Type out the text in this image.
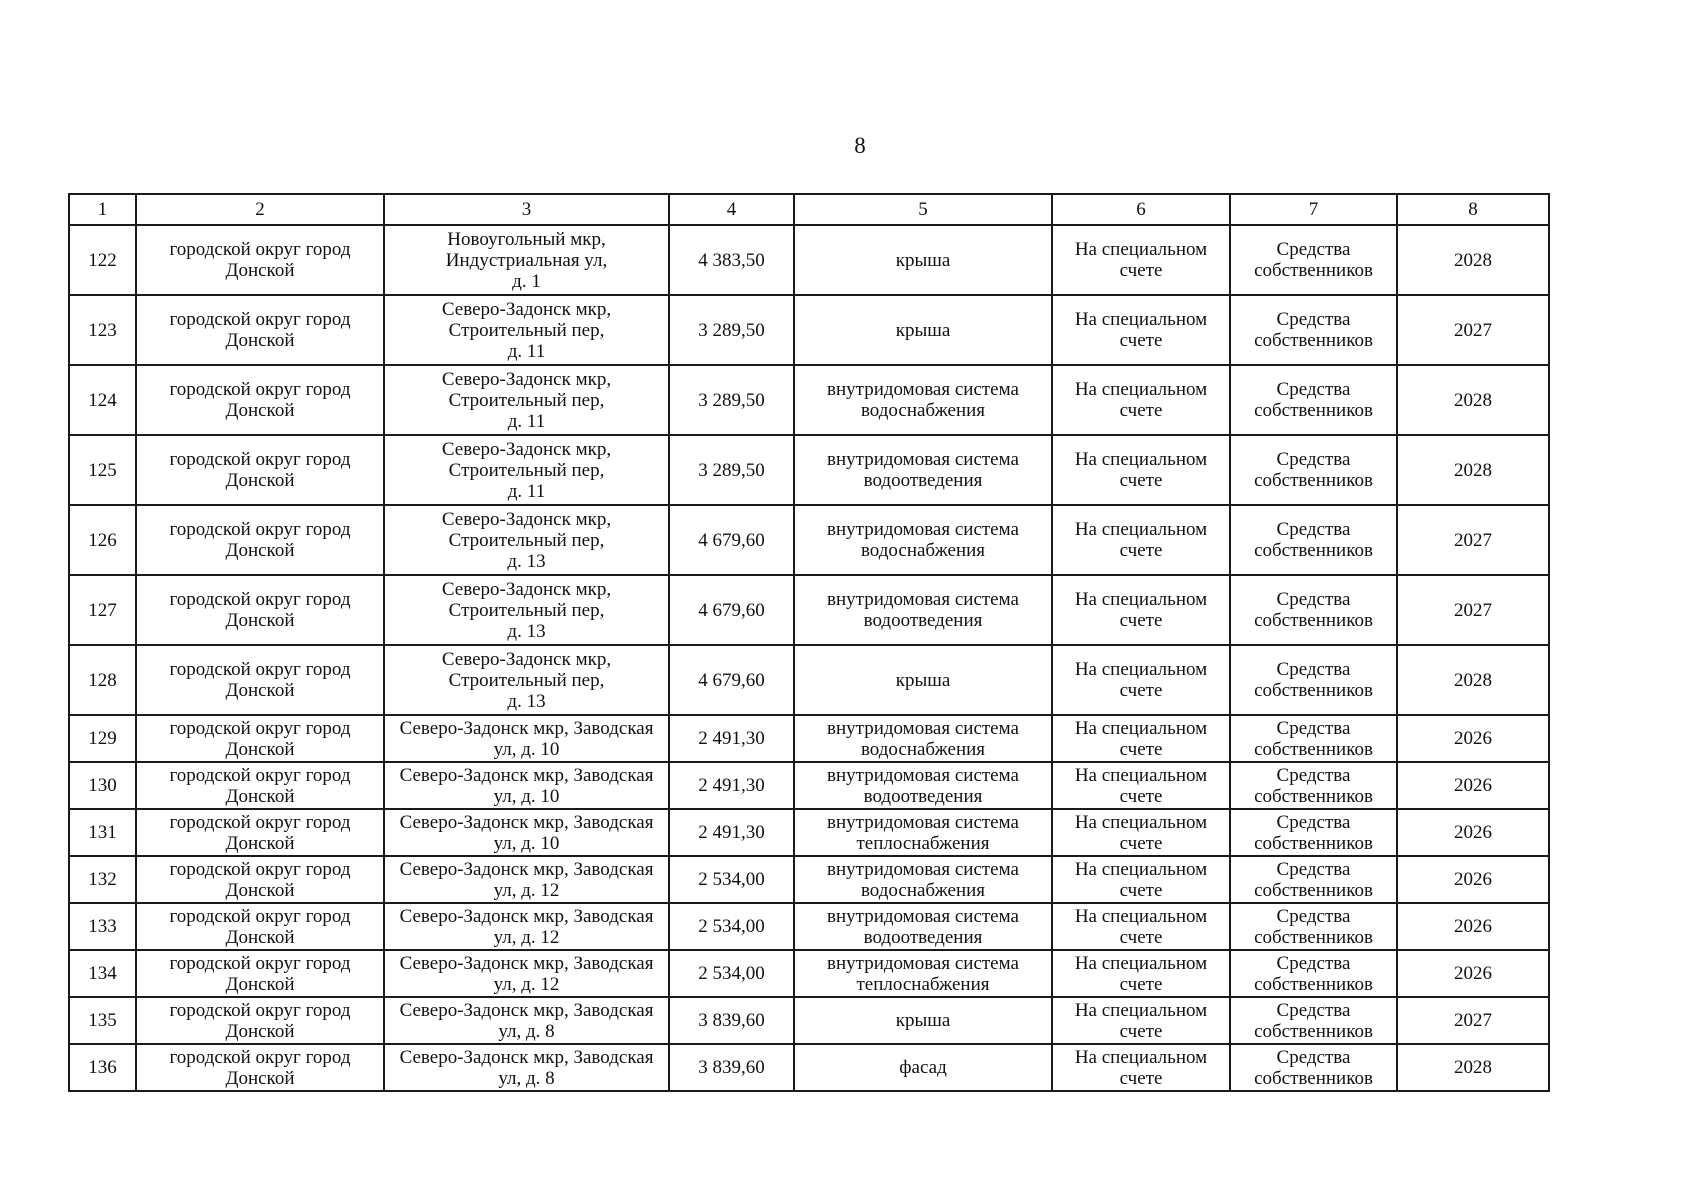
8
1	2	3	4	5	6	7	8
122	городской округ город Донской	Новоугольный мкр,
Индустриальная ул,
д. 1	4 383,50	крыша	На специальном счете	Средства собственников	2028
123	городской округ город Донской	Северо-Задонск мкр,
Строительный пер,
д. 11	3 289,50	крыша	На специальном счете	Средства собственников	2027
124	городской округ город Донской	Северо-Задонск мкр,
Строительный пер,
д. 11	3 289,50	внутридомовая система водоснабжения	На специальном счете	Средства собственников	2028
125	городской округ город Донской	Северо-Задонск мкр,
Строительный пер,
д. 11	3 289,50	внутридомовая система водоотведения	На специальном счете	Средства собственников	2028
126	городской округ город Донской	Северо-Задонск мкр,
Строительный пер,
д. 13	4 679,60	внутридомовая система водоснабжения	На специальном счете	Средства собственников	2027
127	городской округ город Донской	Северо-Задонск мкр,
Строительный пер,
д. 13	4 679,60	внутридомовая система водоотведения	На специальном счете	Средства собственников	2027
128	городской округ город Донской	Северо-Задонск мкр,
Строительный пер,
д. 13	4 679,60	крыша	На специальном счете	Средства собственников	2028
129	городской округ город Донской	Северо-Задонск мкр, Заводская
ул, д. 10	2 491,30	внутридомовая система водоснабжения	На специальном счете	Средства собственников	2026
130	городской округ город Донской	Северо-Задонск мкр, Заводская
ул, д. 10	2 491,30	внутридомовая система водоотведения	На специальном счете	Средства собственников	2026
131	городской округ город Донской	Северо-Задонск мкр, Заводская
ул, д. 10	2 491,30	внутридомовая система теплоснабжения	На специальном счете	Средства собственников	2026
132	городской округ город Донской	Северо-Задонск мкр, Заводская
ул, д. 12	2 534,00	внутридомовая система водоснабжения	На специальном счете	Средства собственников	2026
133	городской округ город Донской	Северо-Задонск мкр, Заводская
ул, д. 12	2 534,00	внутридомовая система водоотведения	На специальном счете	Средства собственников	2026
134	городской округ город Донской	Северо-Задонск мкр, Заводская
ул, д. 12	2 534,00	внутридомовая система теплоснабжения	На специальном счете	Средства собственников	2026
135	городской округ город Донской	Северо-Задонск мкр, Заводская
ул, д. 8	3 839,60	крыша	На специальном счете	Средства собственников	2027
136	городской округ город Донской	Северо-Задонск мкр, Заводская
ул, д. 8	3 839,60	фасад	На специальном счете	Средства собственников	2028
